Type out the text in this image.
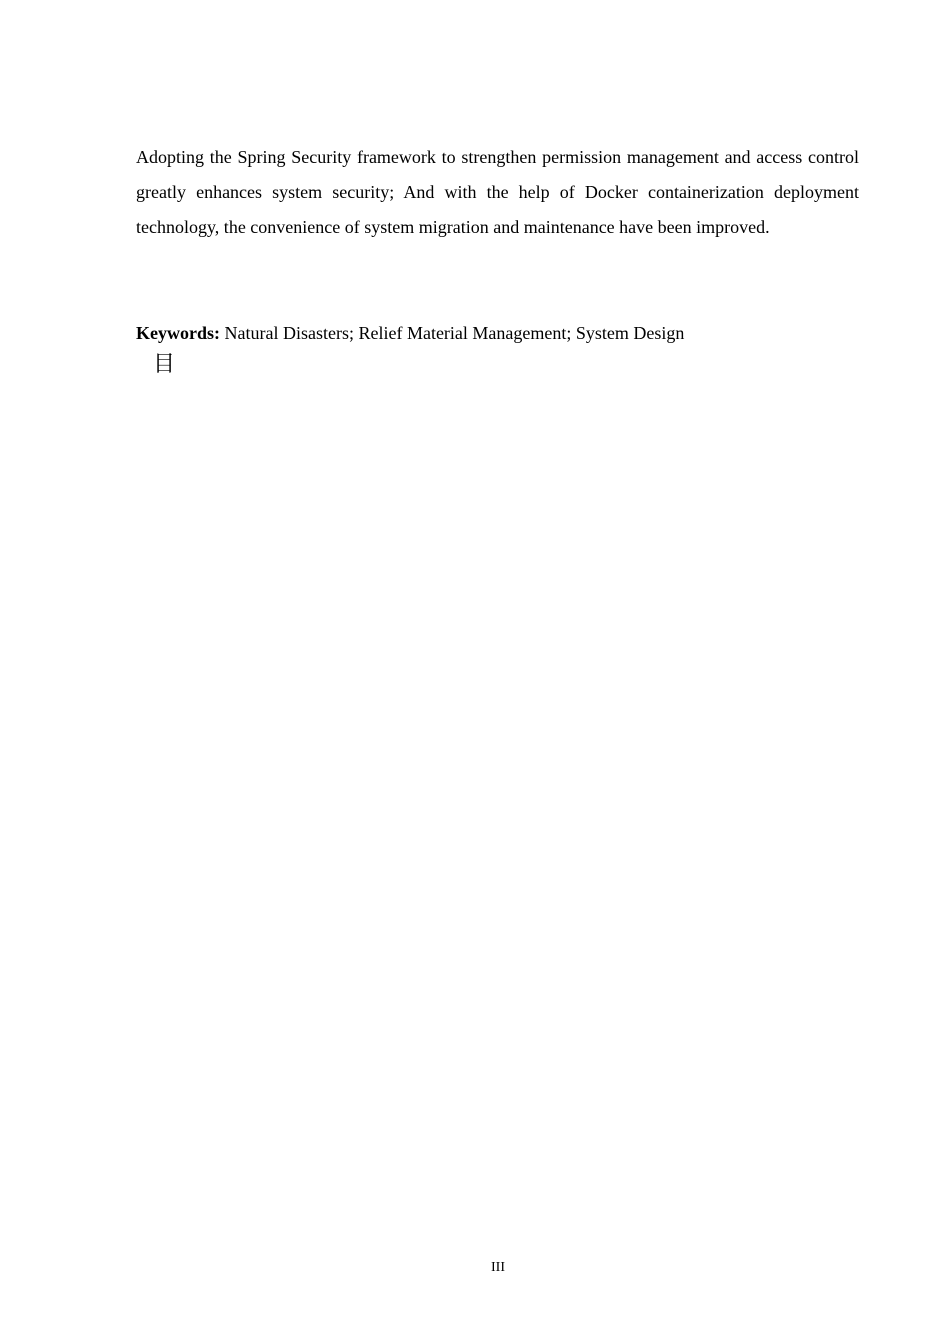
Adopting the Spring Security framework to strengthen permission management and access control greatly enhances system security; And with the help of Docker containerization deployment technology, the convenience of system migration and maintenance have been improved.

Keywords: Natural Disasters; Relief Material Management; System Design

目

III
